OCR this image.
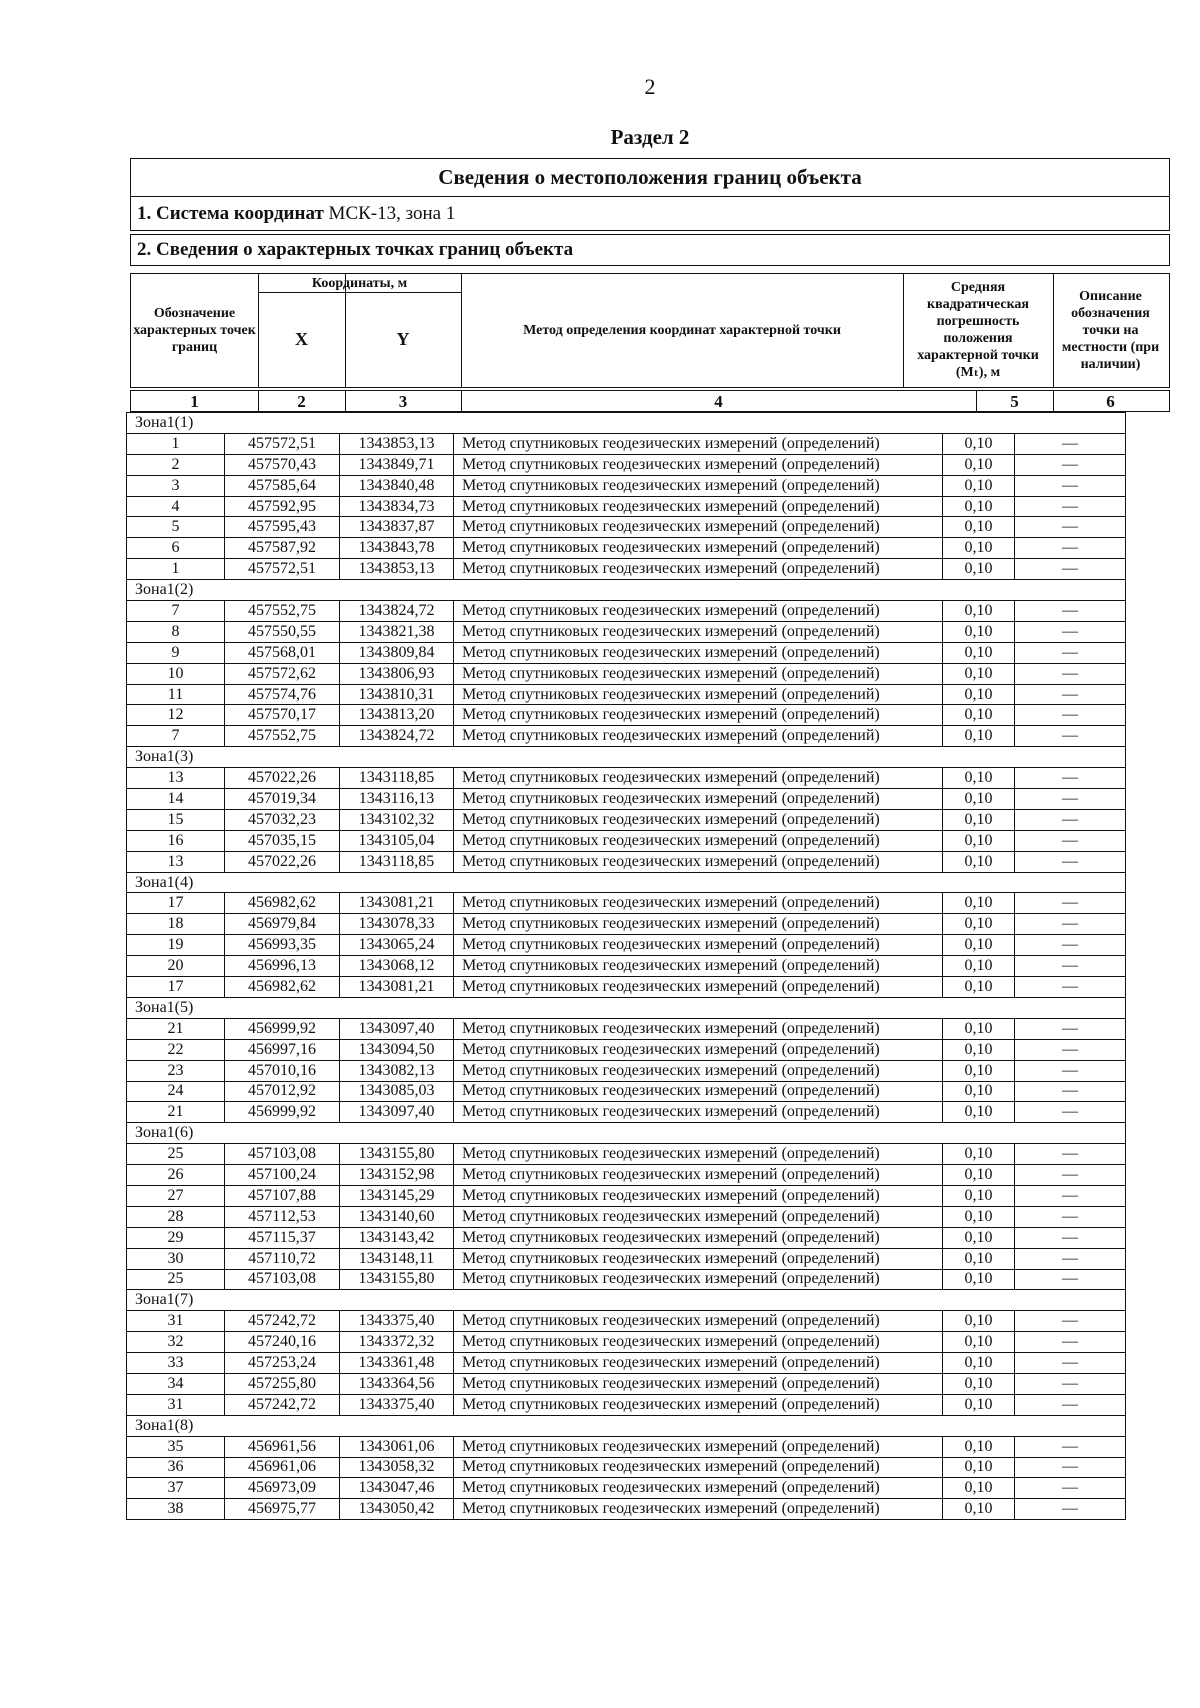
2
Раздел 2
Сведения о местоположения границ объекта
1. Система координат МСК-13, зона 1
2. Сведения о характерных точках границ объекта
Обозначение характерных точек границ
Координаты, м
X	Y	Метод определения координат характерной точки
Средняя квадратическая погрешность положения характерной точки (Mₜ), м
Описание обозначения точки на местности (при наличии)
1	2	3	4	5	6
Зона1(1)					
1	457572,51	1343853,13	Метод спутниковых геодезических измерений (определений)	0,10	—
2	457570,43	1343849,71	Метод спутниковых геодезических измерений (определений)	0,10	—
3	457585,64	1343840,48	Метод спутниковых геодезических измерений (определений)	0,10	—
4	457592,95	1343834,73	Метод спутниковых геодезических измерений (определений)	0,10	—
5	457595,43	1343837,87	Метод спутниковых геодезических измерений (определений)	0,10	—
6	457587,92	1343843,78	Метод спутниковых геодезических измерений (определений)	0,10	—
1	457572,51	1343853,13	Метод спутниковых геодезических измерений (определений)	0,10	—
Зона1(2)					
7	457552,75	1343824,72	Метод спутниковых геодезических измерений (определений)	0,10	—
8	457550,55	1343821,38	Метод спутниковых геодезических измерений (определений)	0,10	—
9	457568,01	1343809,84	Метод спутниковых геодезических измерений (определений)	0,10	—
10	457572,62	1343806,93	Метод спутниковых геодезических измерений (определений)	0,10	—
11	457574,76	1343810,31	Метод спутниковых геодезических измерений (определений)	0,10	—
12	457570,17	1343813,20	Метод спутниковых геодезических измерений (определений)	0,10	—
7	457552,75	1343824,72	Метод спутниковых геодезических измерений (определений)	0,10	—
Зона1(3)					
13	457022,26	1343118,85	Метод спутниковых геодезических измерений (определений)	0,10	—
14	457019,34	1343116,13	Метод спутниковых геодезических измерений (определений)	0,10	—
15	457032,23	1343102,32	Метод спутниковых геодезических измерений (определений)	0,10	—
16	457035,15	1343105,04	Метод спутниковых геодезических измерений (определений)	0,10	—
13	457022,26	1343118,85	Метод спутниковых геодезических измерений (определений)	0,10	—
Зона1(4)					
17	456982,62	1343081,21	Метод спутниковых геодезических измерений (определений)	0,10	—
18	456979,84	1343078,33	Метод спутниковых геодезических измерений (определений)	0,10	—
19	456993,35	1343065,24	Метод спутниковых геодезических измерений (определений)	0,10	—
20	456996,13	1343068,12	Метод спутниковых геодезических измерений (определений)	0,10	—
17	456982,62	1343081,21	Метод спутниковых геодезических измерений (определений)	0,10	—
Зона1(5)					
21	456999,92	1343097,40	Метод спутниковых геодезических измерений (определений)	0,10	—
22	456997,16	1343094,50	Метод спутниковых геодезических измерений (определений)	0,10	—
23	457010,16	1343082,13	Метод спутниковых геодезических измерений (определений)	0,10	—
24	457012,92	1343085,03	Метод спутниковых геодезических измерений (определений)	0,10	—
21	456999,92	1343097,40	Метод спутниковых геодезических измерений (определений)	0,10	—
Зона1(6)					
25	457103,08	1343155,80	Метод спутниковых геодезических измерений (определений)	0,10	—
26	457100,24	1343152,98	Метод спутниковых геодезических измерений (определений)	0,10	—
27	457107,88	1343145,29	Метод спутниковых геодезических измерений (определений)	0,10	—
28	457112,53	1343140,60	Метод спутниковых геодезических измерений (определений)	0,10	—
29	457115,37	1343143,42	Метод спутниковых геодезических измерений (определений)	0,10	—
30	457110,72	1343148,11	Метод спутниковых геодезических измерений (определений)	0,10	—
25	457103,08	1343155,80	Метод спутниковых геодезических измерений (определений)	0,10	—
Зона1(7)					
31	457242,72	1343375,40	Метод спутниковых геодезических измерений (определений)	0,10	—
32	457240,16	1343372,32	Метод спутниковых геодезических измерений (определений)	0,10	—
33	457253,24	1343361,48	Метод спутниковых геодезических измерений (определений)	0,10	—
34	457255,80	1343364,56	Метод спутниковых геодезических измерений (определений)	0,10	—
31	457242,72	1343375,40	Метод спутниковых геодезических измерений (определений)	0,10	—
Зона1(8)					
35	456961,56	1343061,06	Метод спутниковых геодезических измерений (определений)	0,10	—
36	456961,06	1343058,32	Метод спутниковых геодезических измерений (определений)	0,10	—
37	456973,09	1343047,46	Метод спутниковых геодезических измерений (определений)	0,10	—
38	456975,77	1343050,42	Метод спутниковых геодезических измерений (определений)	0,10	—
